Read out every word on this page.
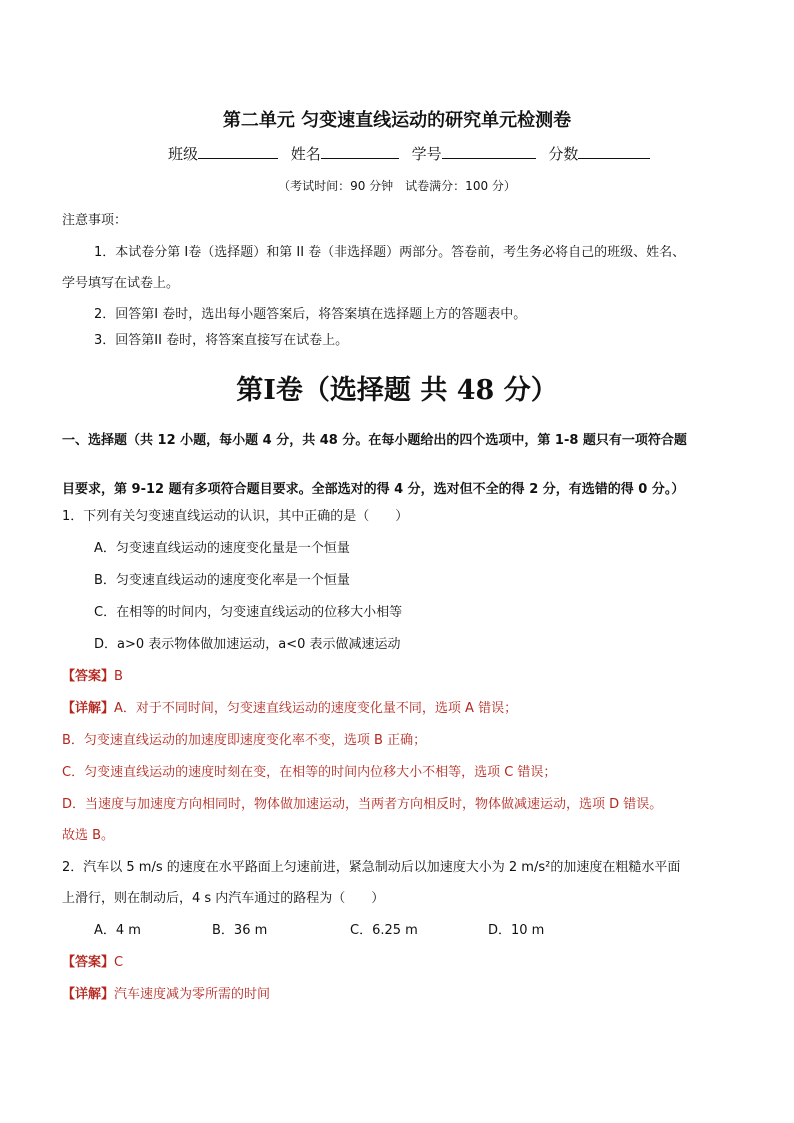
第二单元 匀变速直线运动的研究单元检测卷
班级	姓名	学号	分数
（考试时间：90 分钟　试卷满分：100 分）
注意事项：
1．本试卷分第 I卷（选择题）和第 II 卷（非选择题）两部分。答卷前，考生务必将自己的班级、姓名、
学号填写在试卷上。
2．回答第I 卷时，选出每小题答案后，将答案填在选择题上方的答题表中。
3．回答第II 卷时，将答案直接写在试卷上。
第Ⅰ卷（选择题 共 48 分）
一、选择题（共 12 小题，每小题 4 分，共 48 分。在每小题给出的四个选项中，第 1-8 题只有一项符合题
目要求，第 9-12 题有多项符合题目要求。全部选对的得 4 分，选对但不全的得 2 分，有选错的得 0 分。）
1．下列有关匀变速直线运动的认识，其中正确的是（　　）
A．匀变速直线运动的速度变化量是一个恒量
B．匀变速直线运动的速度变化率是一个恒量
C．在相等的时间内，匀变速直线运动的位移大小相等
D．a>0 表示物体做加速运动，a<0 表示做减速运动
【答案】B
【详解】A．对于不同时间，匀变速直线运动的速度变化量不同，选项 A 错误；
B．匀变速直线运动的加速度即速度变化率不变，选项 B 正确；
C．匀变速直线运动的速度时刻在变，在相等的时间内位移大小不相等，选项 C 错误；
D．当速度与加速度方向相同时，物体做加速运动，当两者方向相反时，物体做减速运动，选项 D 错误。
故选 B。
2．汽车以 5 m/s 的速度在水平路面上匀速前进，紧急制动后以加速度大小为 2 m/s²的加速度在粗糙水平面
上滑行，则在制动后，4 s 内汽车通过的路程为（　　）
A．4 m	B．36 m	C．6.25 m	D．10 m
【答案】C
【详解】汽车速度减为零所需的时间
